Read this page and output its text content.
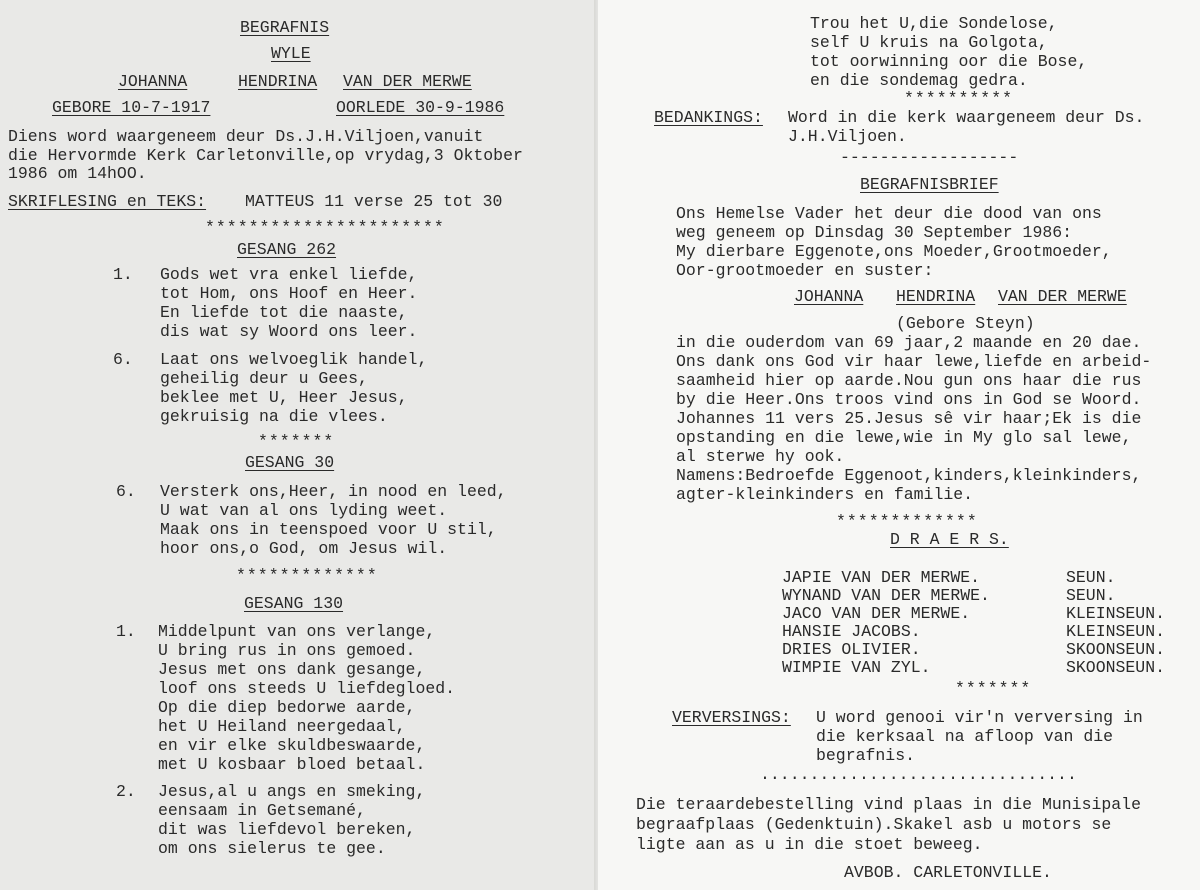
BEGRAFNIS
WYLE
JOHANNA	HENDRINA VAN DER MERWE
GEBORE 10-7-1917	OORLEDE 30-9-1986
Diens word waargeneem deur Ds.J.H.Viljoen,vanuit
die Hervormde Kerk Carletonville,op vrydag,3 Oktober
1986 om 14hOO.
SKRIFLESING en TEKS: MATTEUS 11 verse 25 tot 30
**********************
GESANG 262
1. Gods wet vra enkel liefde,
tot Hom, ons Hoof en Heer.
En liefde tot die naaste,
dis wat sy Woord ons leer.
6. Laat ons welvoeglik handel,
geheilig deur u Gees,
beklee met U, Heer Jesus,
gekruisig na die vlees.
*******
GESANG 30
6. Versterk ons,Heer, in nood en leed,
U wat van al ons lyding weet.
Maak ons in teenspoed voor U stil,
hoor ons,o God, om Jesus wil.
*************
GESANG 130
1. Middelpunt van ons verlange,
U bring rus in ons gemoed.
Jesus met ons dank gesange,
loof ons steeds U liefdegloed.
Op die diep bedorwe aarde,
het U Heiland neergedaal,
en vir elke skuldbeswaarde,
met U kosbaar bloed betaal.
2. Jesus,al u angs en smeking,
eensaam in Getsemané,
dit was liefdevol bereken,
om ons sielerus te gee.
Trou het U,die Sondelose,
self U kruis na Golgota,
tot oorwinning oor die Bose,
en die sondemag gedra.
**********
BEDANKINGS: Word in die kerk waargeneem deur Ds.
J.H.Viljoen.
------------------
BEGRAFNISBRIEF
Ons Hemelse Vader het deur die dood van ons
weg geneem op Dinsdag 30 September 1986:
My dierbare Eggenote,ons Moeder,Grootmoeder,
Oor-grootmoeder en suster:
JOHANNA HENDRINA VAN DER MERWE
(Gebore Steyn)
in die ouderdom van 69 jaar,2 maande en 20 dae.
Ons dank ons God vir haar lewe,liefde en arbeid-
saamheid hier op aarde.Nou gun ons haar die rus
by die Heer.Ons troos vind ons in God se Woord.
Johannes 11 vers 25.Jesus sê vir haar;Ek is die
opstanding en die lewe,wie in My glo sal lewe,
al sterwe hy ook.
Namens:Bedroefde Eggenoot,kinders,kleinkinders,
agter-kleinkinders en familie.
*************
D R A E R S.
JAPIE VAN DER MERWE.	SEUN.
WYNAND VAN DER MERWE.	SEUN.
JACO VAN DER MERWE.	KLEINSEUN.
HANSIE JACOBS.	KLEINSEUN.
DRIES OLIVIER.	SKOONSEUN.
WIMPIE VAN ZYL.	SKOONSEUN.
*******
VERVERSINGS: U word genooi vir'n verversing in
die kerksaal na afloop van die
begrafnis.
................................
Die teraardebestelling vind plaas in die Munisipale
begraafplaas (Gedenktuin).Skakel asb u motors se
ligte aan as u in die stoet beweeg.
AVBOB. CARLETONVILLE.
